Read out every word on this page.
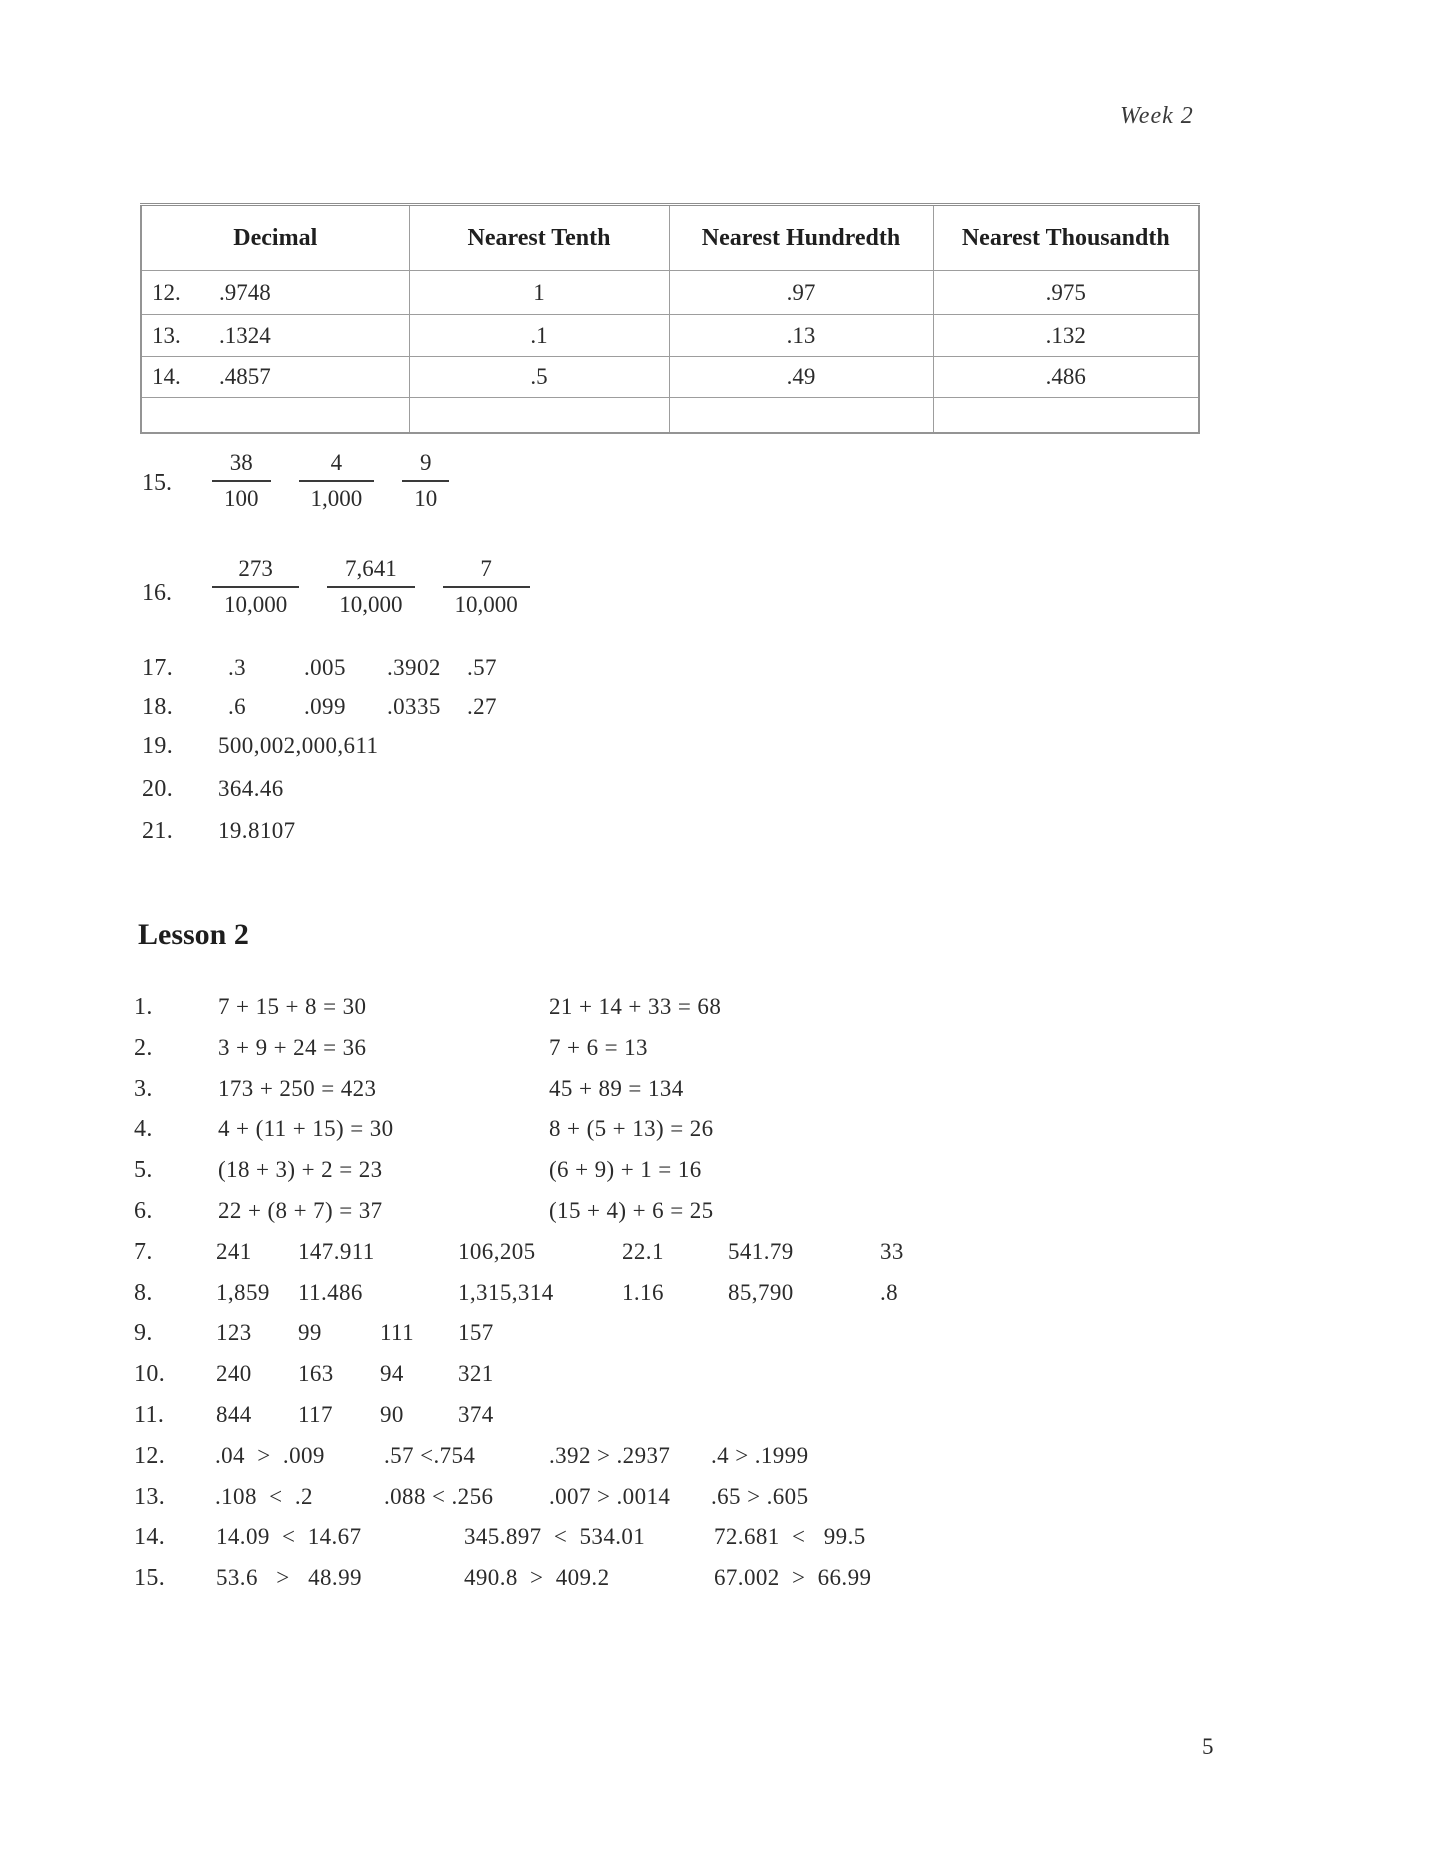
Week 2
Decimal	Nearest Tenth	Nearest Hundredth	Nearest Thousandth
12. .9748	1	.97	.975
13. .1324	.1	.13	.132
14. .4857	.5	.49	.486

Lesson 2
5
15. $\frac{38}{100} \frac{4}{1,000} \frac{9}{10}$
16. $\frac{273}{10,000} \frac{7,641}{10,000} \frac{7}{10,000}$
17. .3	.005 .3902 .57
18. .6	.099 .0335 .27
19. 500,002,000,611
20. 364.46
21. 19.8107
1.	7 + 15 + 8 = 30	21 + 14 + 33 = 68
2.	3 + 9 + 24 = 36	7 + 6 = 13
3.	173 + 250 = 423	45 + 89 = 134
4.	4 + (11 + 15) = 30	8 + (5 + 13) = 26
5.	(18 + 3) + 2 = 23	(6 + 9) + 1 = 16
6.	22 + (8 + 7) = 37	(15 + 4) + 6 = 25
7.	241 147.911	106,205	22.1	541.79	33
8.	1,859 11.486	1,315,314	1.16	85,790	.8
9.	123 99	111 157
10. 240 163 94 321
11. 844 117 90 374
12. .04  >  .009	.57 <.754	.392 > .2937 .4 > .1999
13. .108  <  .2	.088 < .256 .007 > .0014 .65 > .605
14. 14.09  <  14.67	345.897  <  534.01	72.681  <   99.5
15. 53.6   >   48.99	490.8  >  409.2	67.002  >  66.99
